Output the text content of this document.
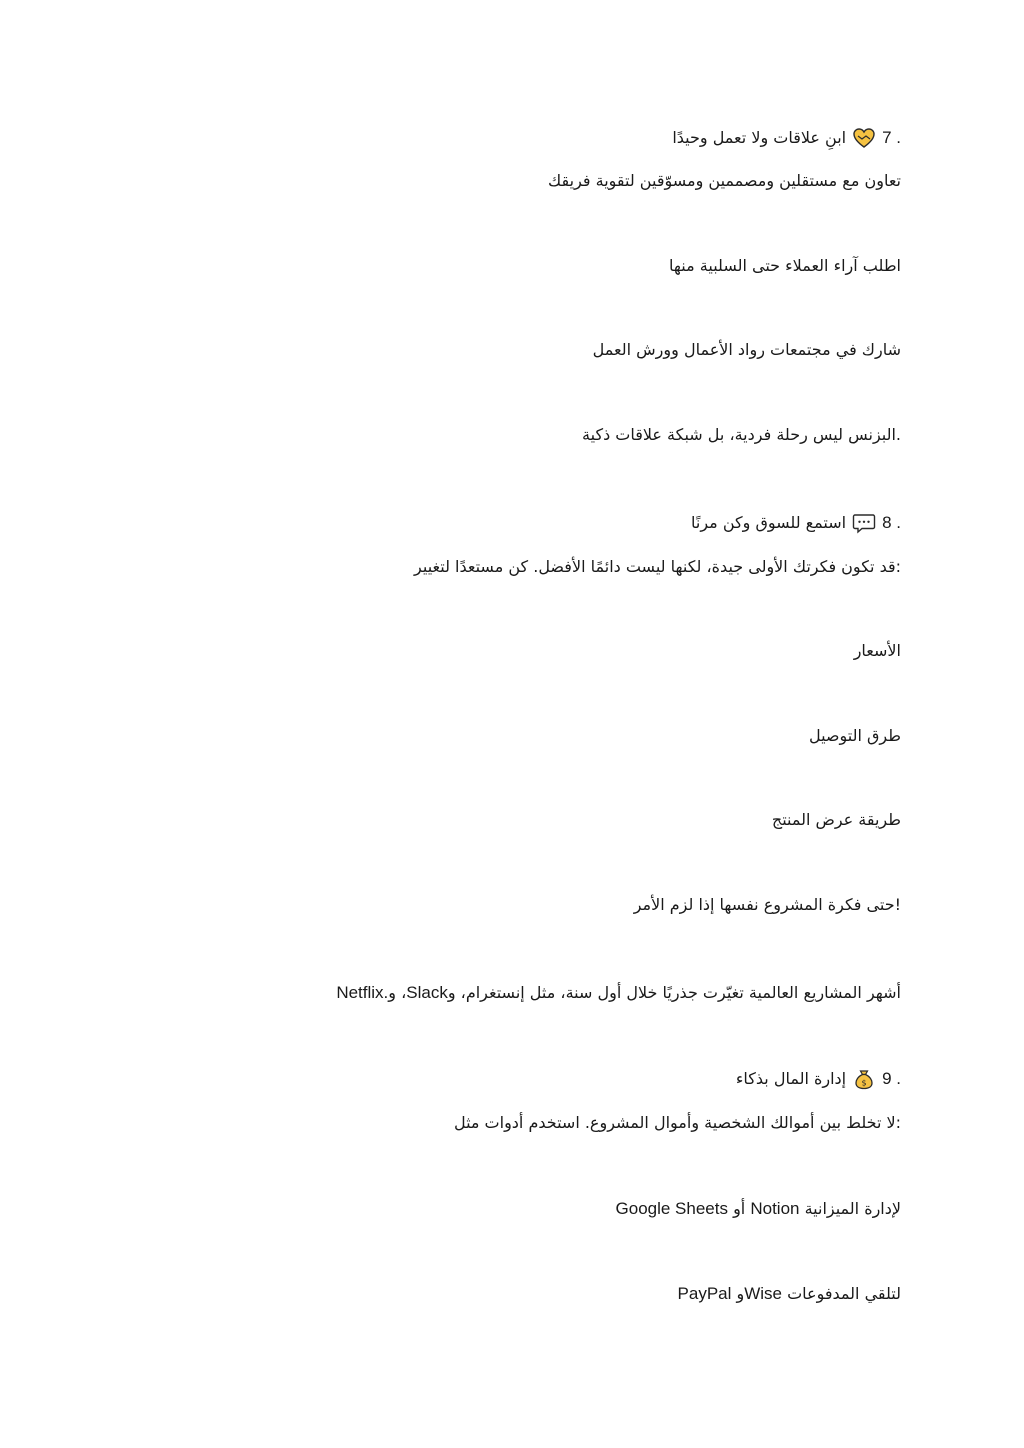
7 .
ابنِ علاقات ولا تعمل وحيدًا
تعاون مع مستقلين ومصممين ومسوّقين لتقوية فريقك
اطلب آراء العملاء حتى السلبية منها
شارك في مجتمعات رواد الأعمال وورش العمل
.البزنس ليس رحلة فردية، بل شبكة علاقات ذكية
8 .
استمع للسوق وكن مرنًا
:قد تكون فكرتك الأولى جيدة، لكنها ليست دائمًا الأفضل. كن مستعدًا لتغيير
الأسعار
طرق التوصيل
طريقة عرض المنتج
!حتى فكرة المشروع نفسها إذا لزم الأمر
أشهر المشاريع العالمية تغيّرت جذريًا خلال أول سنة، مثل إنستغرام، وSlack، وNetflix.
9 .
$
إدارة المال بذكاء
:لا تخلط بين أموالك الشخصية وأموال المشروع. استخدم أدوات مثل
لإدارة الميزانية Notion أو Google Sheets
لتلقي المدفوعات Wiseو PayPal
